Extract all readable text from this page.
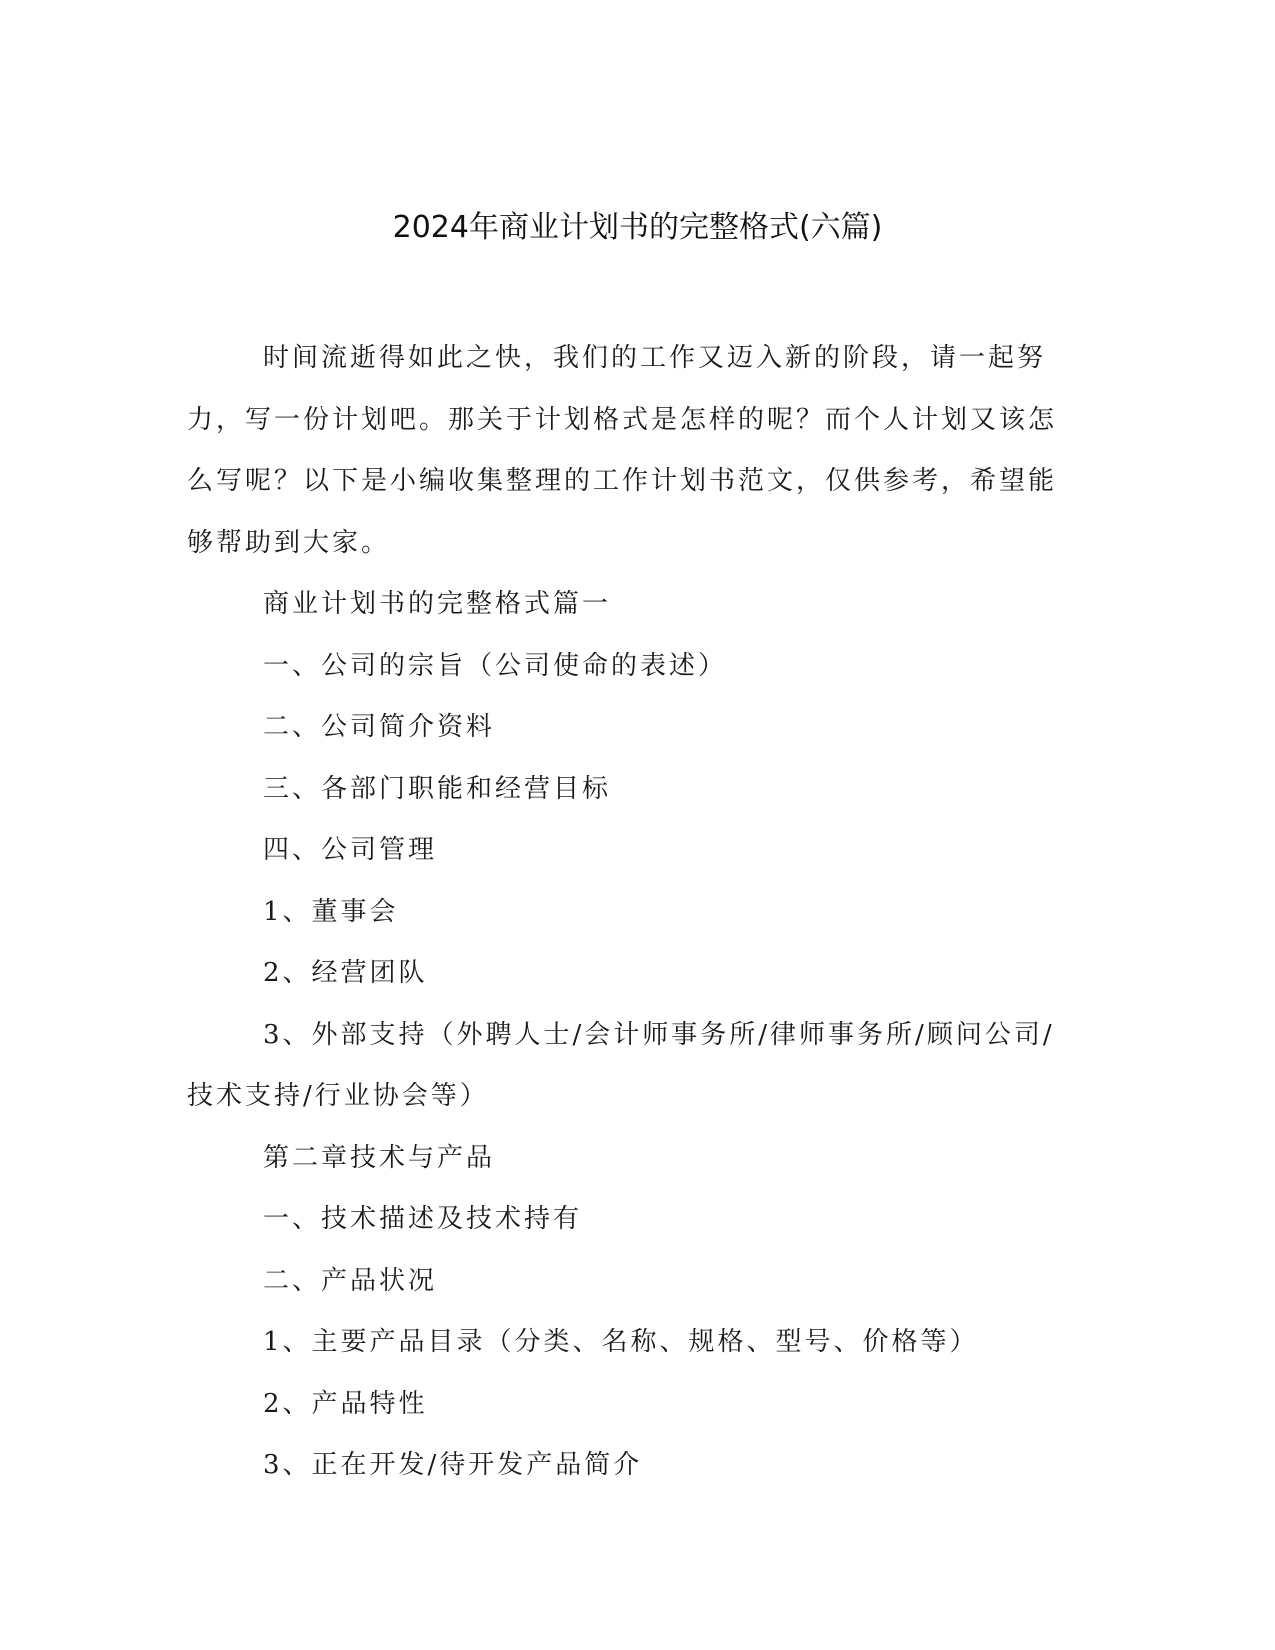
2024年商业计划书的完整格式(六篇)

时间流逝得如此之快，我们的工作又迈入新的阶段，请一起努力，写一份计划吧。那关于计划格式是怎样的呢？而个人计划又该怎么写呢？以下是小编收集整理的工作计划书范文，仅供参考，希望能够帮助到大家。

商业计划书的完整格式篇一

一、公司的宗旨（公司使命的表述）

二、公司简介资料

三、各部门职能和经营目标

四、公司管理

1、董事会

2、经营团队

3、外部支持（外聘人士/会计师事务所/律师事务所/顾问公司/技术支持/行业协会等）

第二章技术与产品

一、技术描述及技术持有

二、产品状况

1、主要产品目录（分类、名称、规格、型号、价格等）

2、产品特性

3、正在开发/待开发产品简介
